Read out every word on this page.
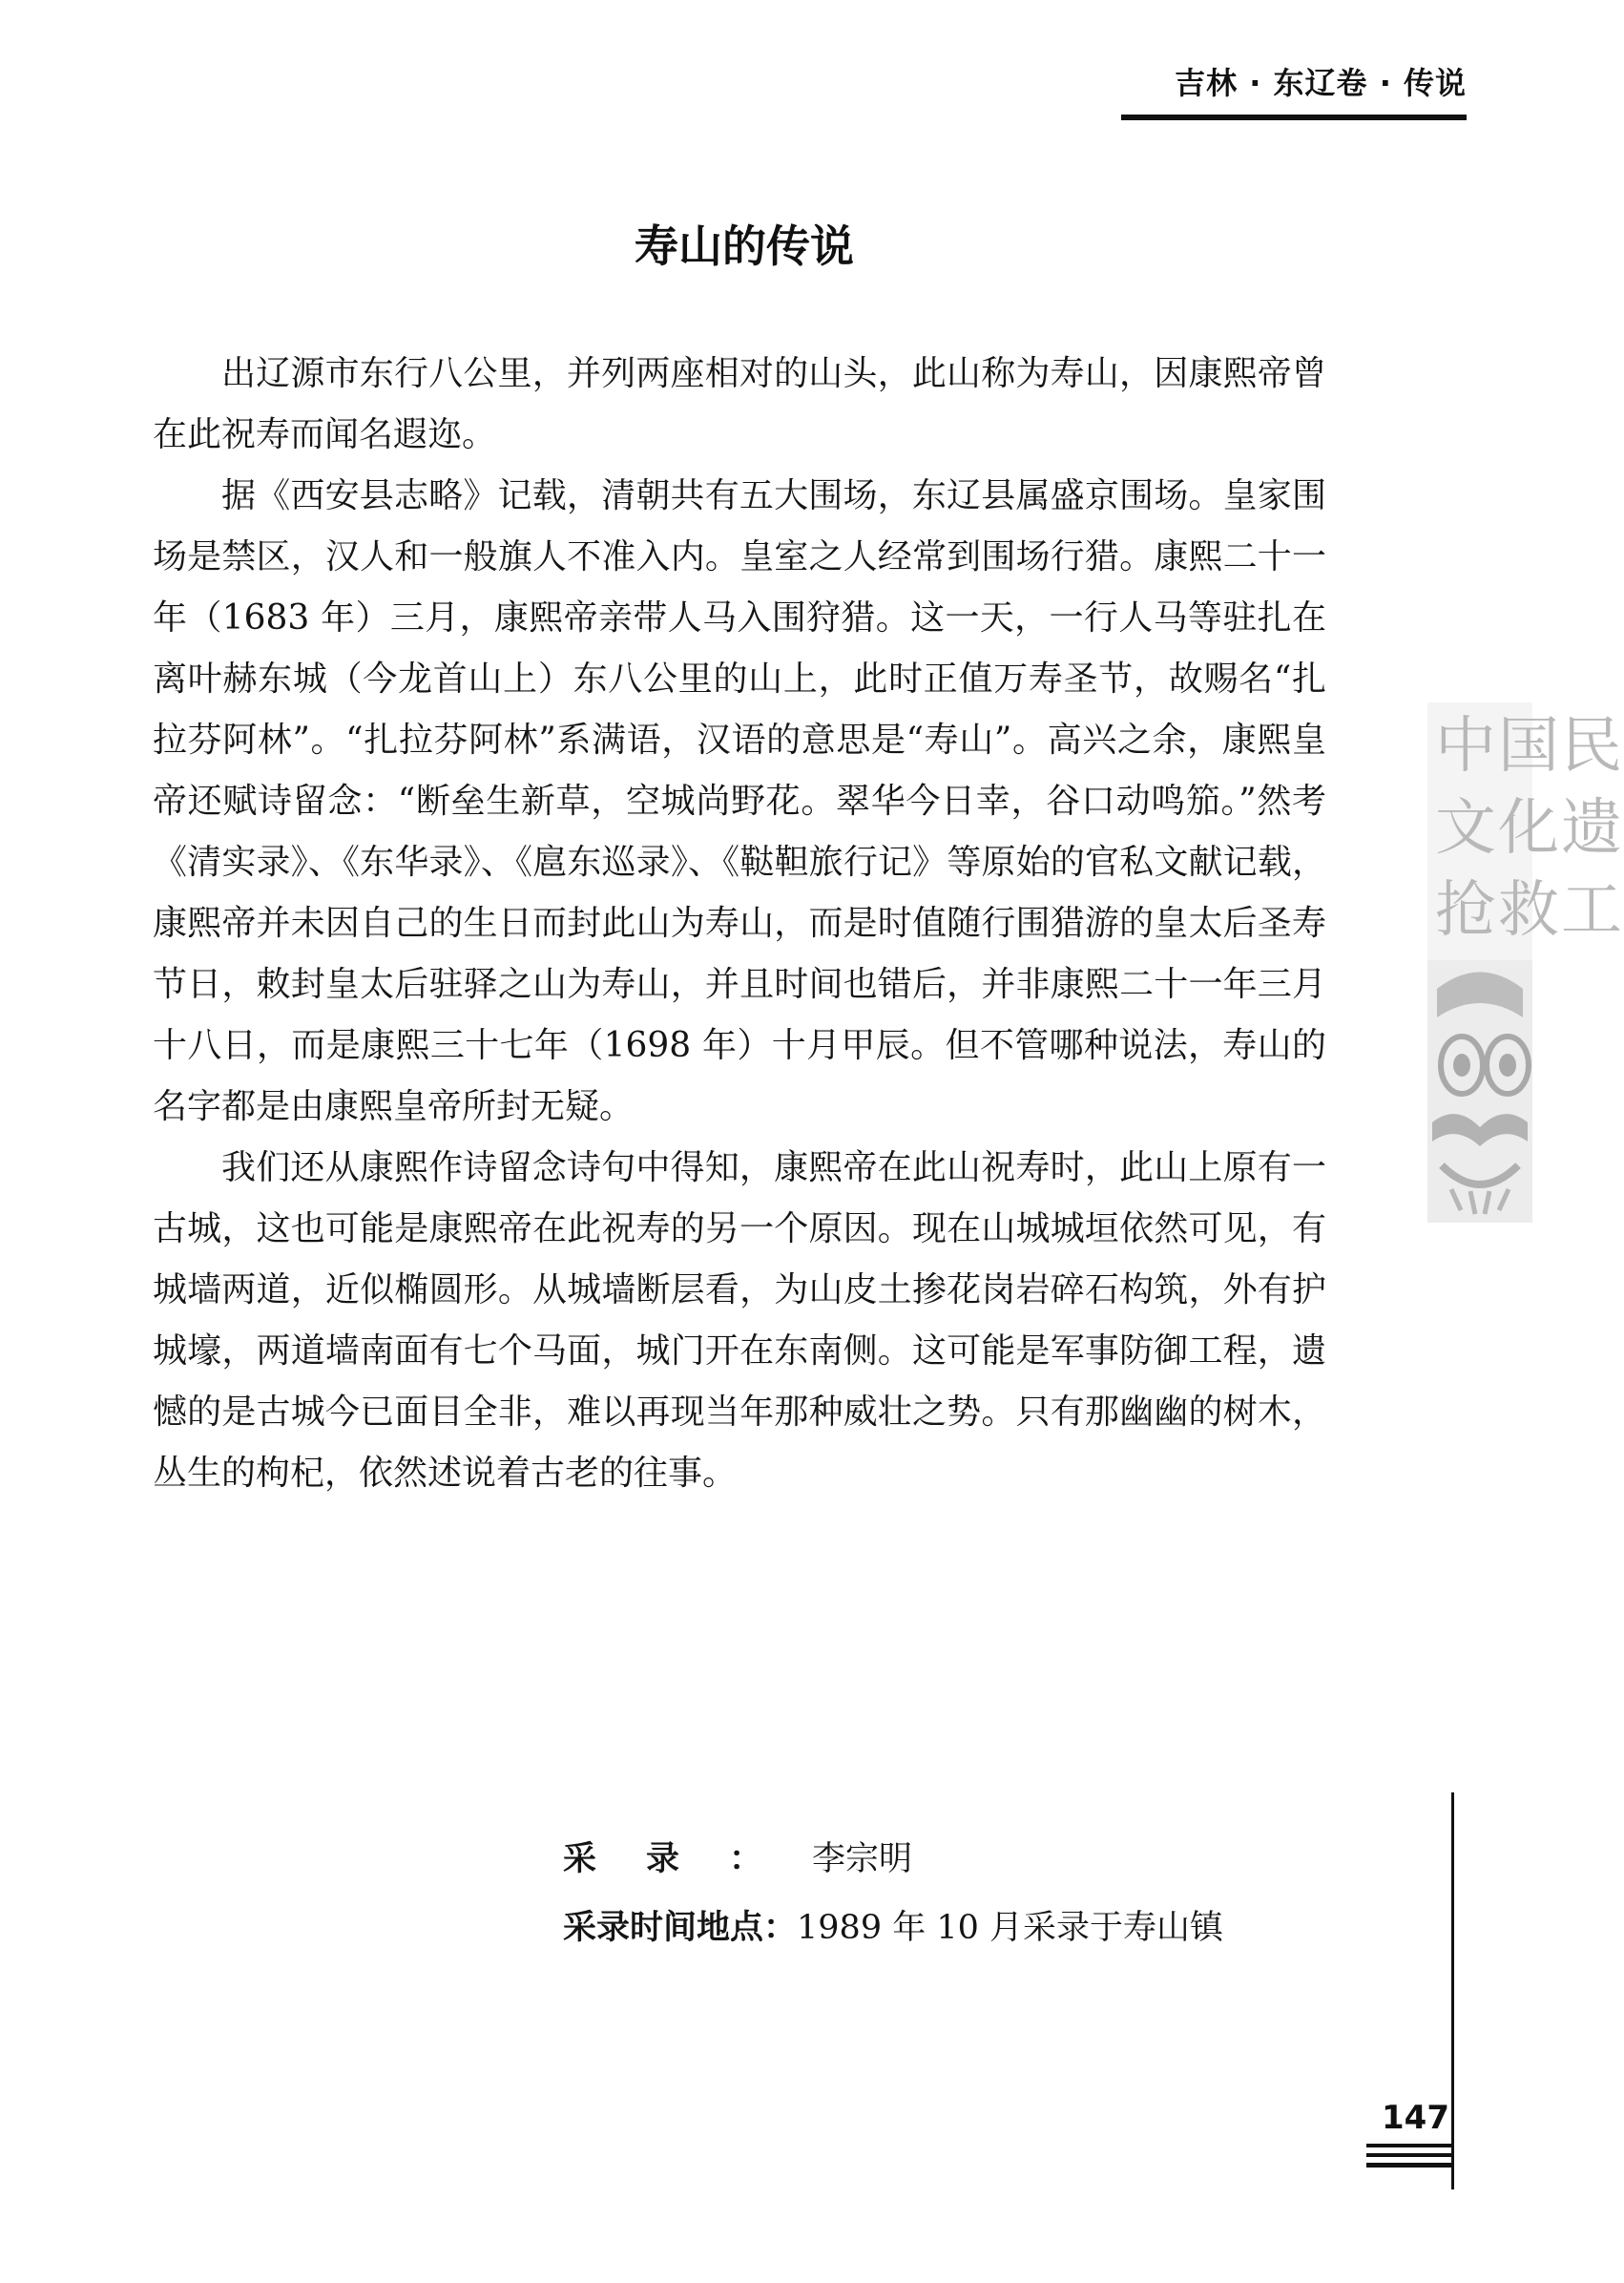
吉林 · 东辽卷 · 传说
寿山的传说

出辽源市东行八公里，并列两座相对的山头，此山称为寿山，因康熙帝曾在此祝寿而闻名遐迩。

据《西安县志略》记载，清朝共有五大围场，东辽县属盛京围场。皇家围场是禁区，汉人和一般旗人不准入内。皇室之人经常到围场行猎。康熙二十一年（1683 年）三月，康熙帝亲带人马入围狩猎。这一天，一行人马等驻扎在离叶赫东城（今龙首山上）东八公里的山上，此时正值万寿圣节，故赐名“扎拉芬阿林”。“扎拉芬阿林”系满语，汉语的意思是“寿山”。高兴之余，康熙皇帝还赋诗留念：“断垒生新草，空城尚野花。翠华今日幸，谷口动鸣笳。”然考《清实录》、《东华录》、《扈东巡录》、《鞑靼旅行记》等原始的官私文献记载，康熙帝并未因自己的生日而封此山为寿山，而是时值随行围猎游的皇太后圣寿节日，敕封皇太后驻驿之山为寿山，并且时间也错后，并非康熙二十一年三月十八日，而是康熙三十七年（1698 年）十月甲辰。但不管哪种说法，寿山的名字都是由康熙皇帝所封无疑。

我们还从康熙作诗留念诗句中得知，康熙帝在此山祝寿时，此山上原有一古城，这也可能是康熙帝在此祝寿的另一个原因。现在山城城垣依然可见，有城墙两道，近似椭圆形。从城墙断层看，为山皮土掺花岗岩碎石构筑，外有护城壕，两道墙南面有七个马面，城门开在东南侧。这可能是军事防御工程，遗憾的是古城今已面目全非，难以再现当年那种威壮之势。只有那幽幽的树木，丛生的枸杞，依然述说着古老的往事。

采录：李宗明
采录时间地点：1989 年 10 月采录于寿山镇
中国民
文化遗
抢救工
147
